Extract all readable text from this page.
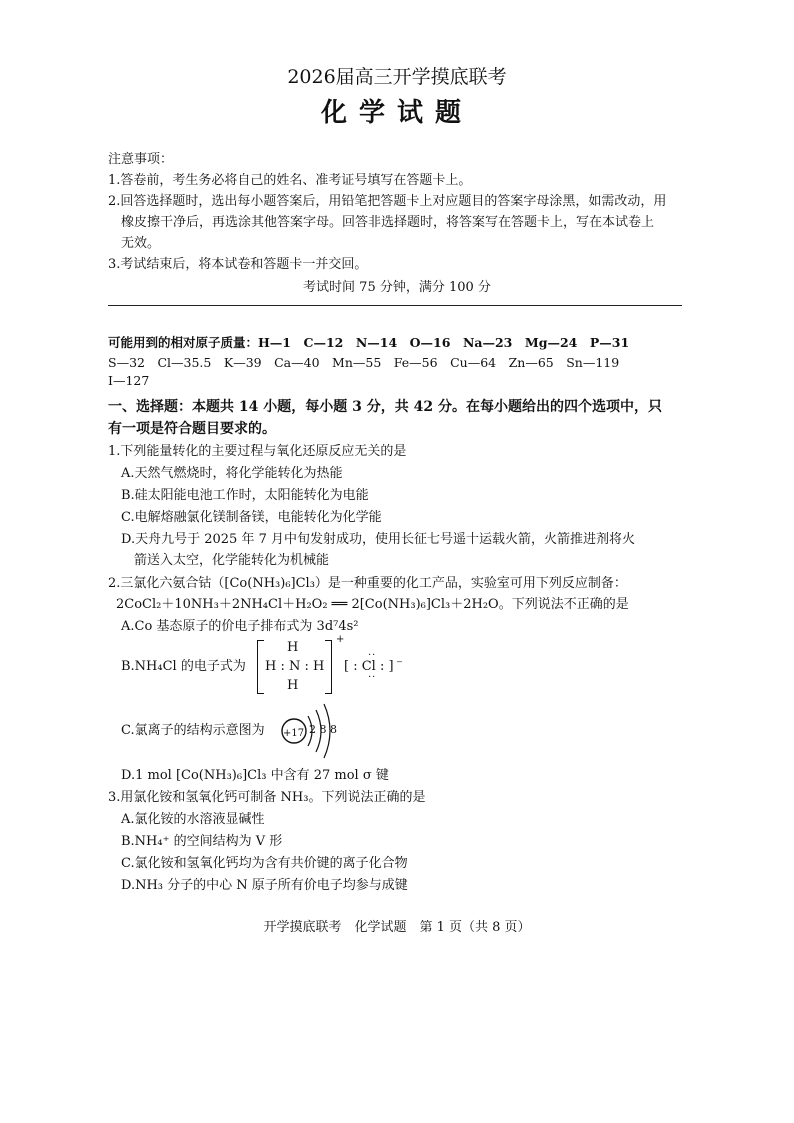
2026届高三开学摸底联考
化学试题
注意事项：
1.答卷前，考生务必将自己的姓名、准考证号填写在答题卡上。
2.回答选择题时，选出每小题答案后，用铅笔把答题卡上对应题目的答案字母涂黑，如需改动，用
橡皮擦干净后，再选涂其他答案字母。回答非选择题时，将答案写在答题卡上，写在本试卷上
无效。
3.考试结束后，将本试卷和答题卡一并交回。
考试时间 75 分钟，满分 100 分
可能用到的相对原子质量：H—1　C—12　N—14　O—16　Na—23　Mg—24　P—31
S—32　Cl—35.5　K—39　Ca—40　Mn—55　Fe—56　Cu—64　Zn—65　Sn—119
I—127
一、选择题：本题共 14 小题，每小题 3 分，共 42 分。在每小题给出的四个选项中，只
有一项是符合题目要求的。
1.下列能量转化的主要过程与氧化还原反应无关的是
A.天然气燃烧时，将化学能转化为热能
B.硅太阳能电池工作时，太阳能转化为电能
C.电解熔融氯化镁制备镁，电能转化为化学能
D.天舟九号于 2025 年 7 月中旬发射成功，使用长征七号遥十运载火箭，火箭推进剂将火
箭送入太空，化学能转化为机械能
2.三氯化六氨合钴（[Co(NH₃)₆]Cl₃）是一种重要的化工产品，实验室可用下列反应制备：
2CoCl₂＋10NH₃＋2NH₄Cl＋H₂O₂ ══ 2[Co(NH₃)₆]Cl₃＋2H₂O。下列说法不正确的是
A.Co 基态原子的价电子排布式为 3d⁷4s²
B.NH₄Cl 的电子式为
H
H : N : H
H
+
[ : Cl : ]
··
··
⁻
C.氯离子的结构示意图为 +17 2 8 8
D.1 mol [Co(NH₃)₆]Cl₃ 中含有 27 mol σ 键
3.用氯化铵和氢氧化钙可制备 NH₃。下列说法正确的是
A.氯化铵的水溶液显碱性
B.NH₄⁺ 的空间结构为 V 形
C.氯化铵和氢氧化钙均为含有共价键的离子化合物
D.NH₃ 分子的中心 N 原子所有价电子均参与成键
开学摸底联考　化学试题　第 1 页（共 8 页）
